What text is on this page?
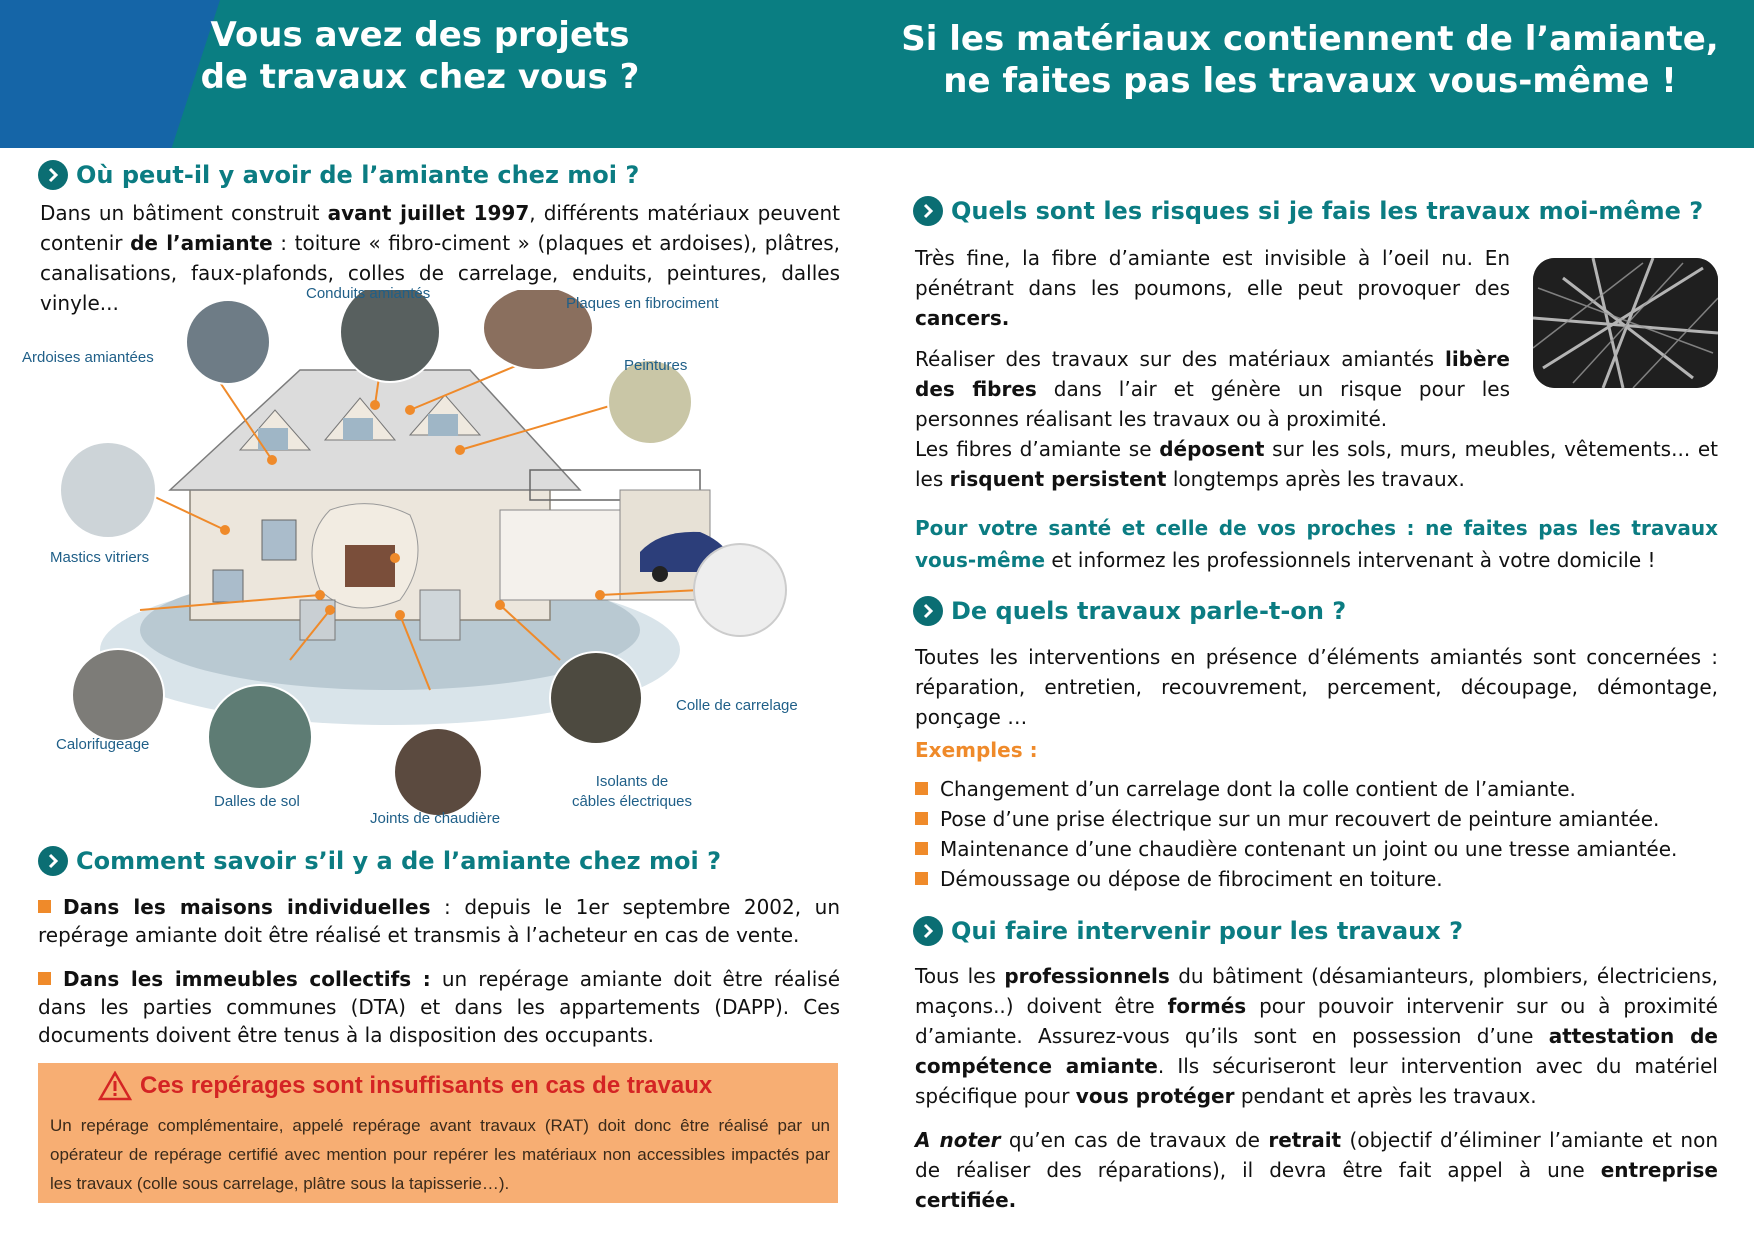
Vous avez des projets
de travaux chez vous ?
Si les matériaux contiennent de l’amiante,
ne faites pas les travaux vous-même !
Où peut-il y avoir de l’amiante chez moi ?
Dans un bâtiment construit avant juillet 1997, différents matériaux peuvent contenir de l’amiante : toiture « fibro-ciment » (plaques et ardoises), plâtres, canalisations, faux-plafonds, colles de carrelage, enduits, peintures, dalles vinyle...	Conduits amiantés
Plaques en fibrociment
Ardoises amiantées	Peintures
Mastics vitriers
Colle de carrelage
Calorifugeage
Isolants de
câbles électriques
Dalles de sol
Joints de chaudière
Comment savoir s’il y a de l’amiante chez moi ?
Dans les maisons individuelles : depuis le 1er septembre 2002, un repérage amiante doit être réalisé et transmis à l’acheteur en cas de vente.
Dans les immeubles collectifs : un repérage amiante doit être réalisé dans les parties communes (DTA) et dans les appartements (DAPP). Ces documents doivent être tenus à la disposition des occupants.
Ces repérages sont insuffisants en cas de travaux
Un repérage complémentaire, appelé repérage avant travaux (RAT) doit donc être réalisé par un opérateur de repérage certifié avec mention pour repérer les matériaux non accessibles impactés par les travaux (colle sous carrelage, plâtre sous la tapisserie…).
Quels sont les risques si je fais les travaux moi-même ?
Très fine, la fibre d’amiante est invisible à l’oeil nu. En pénétrant dans les poumons, elle peut provoquer des cancers.
Réaliser des travaux sur des matériaux amiantés libère des fibres dans l’air et génère un risque pour les personnes réalisant les travaux ou à proximité.
Les fibres d’amiante se déposent sur les sols, murs, meubles, vêtements... et les risquent persistent longtemps après les travaux.
Pour votre santé et celle de vos proches : ne faites pas les travaux vous-même et informez les professionnels intervenant à votre domicile !
De quels travaux parle-t-on ?
Toutes les interventions en présence d’éléments amiantés sont concernées : réparation, entretien, recouvrement, percement, découpage, démontage, ponçage …
Exemples :
Changement d’un carrelage dont la colle contient de l’amiante.
Pose d’une prise électrique sur un mur recouvert de peinture amiantée.
Maintenance d’une chaudière contenant un joint ou une tresse amiantée.
Démoussage ou dépose de fibrociment en toiture.
Qui faire intervenir pour les travaux ?
Tous les professionnels du bâtiment (désamianteurs, plombiers, électriciens, maçons..) doivent être formés pour pouvoir intervenir sur ou à proximité d’amiante. Assurez-vous qu’ils sont en possession d’une attestation de compétence amiante. Ils sécuriseront leur intervention avec du matériel spécifique pour vous protéger pendant et après les travaux.
A noter qu’en cas de travaux de retrait (objectif d’éliminer l’amiante et non de réaliser des réparations), il devra être fait appel à une entreprise certifiée.
